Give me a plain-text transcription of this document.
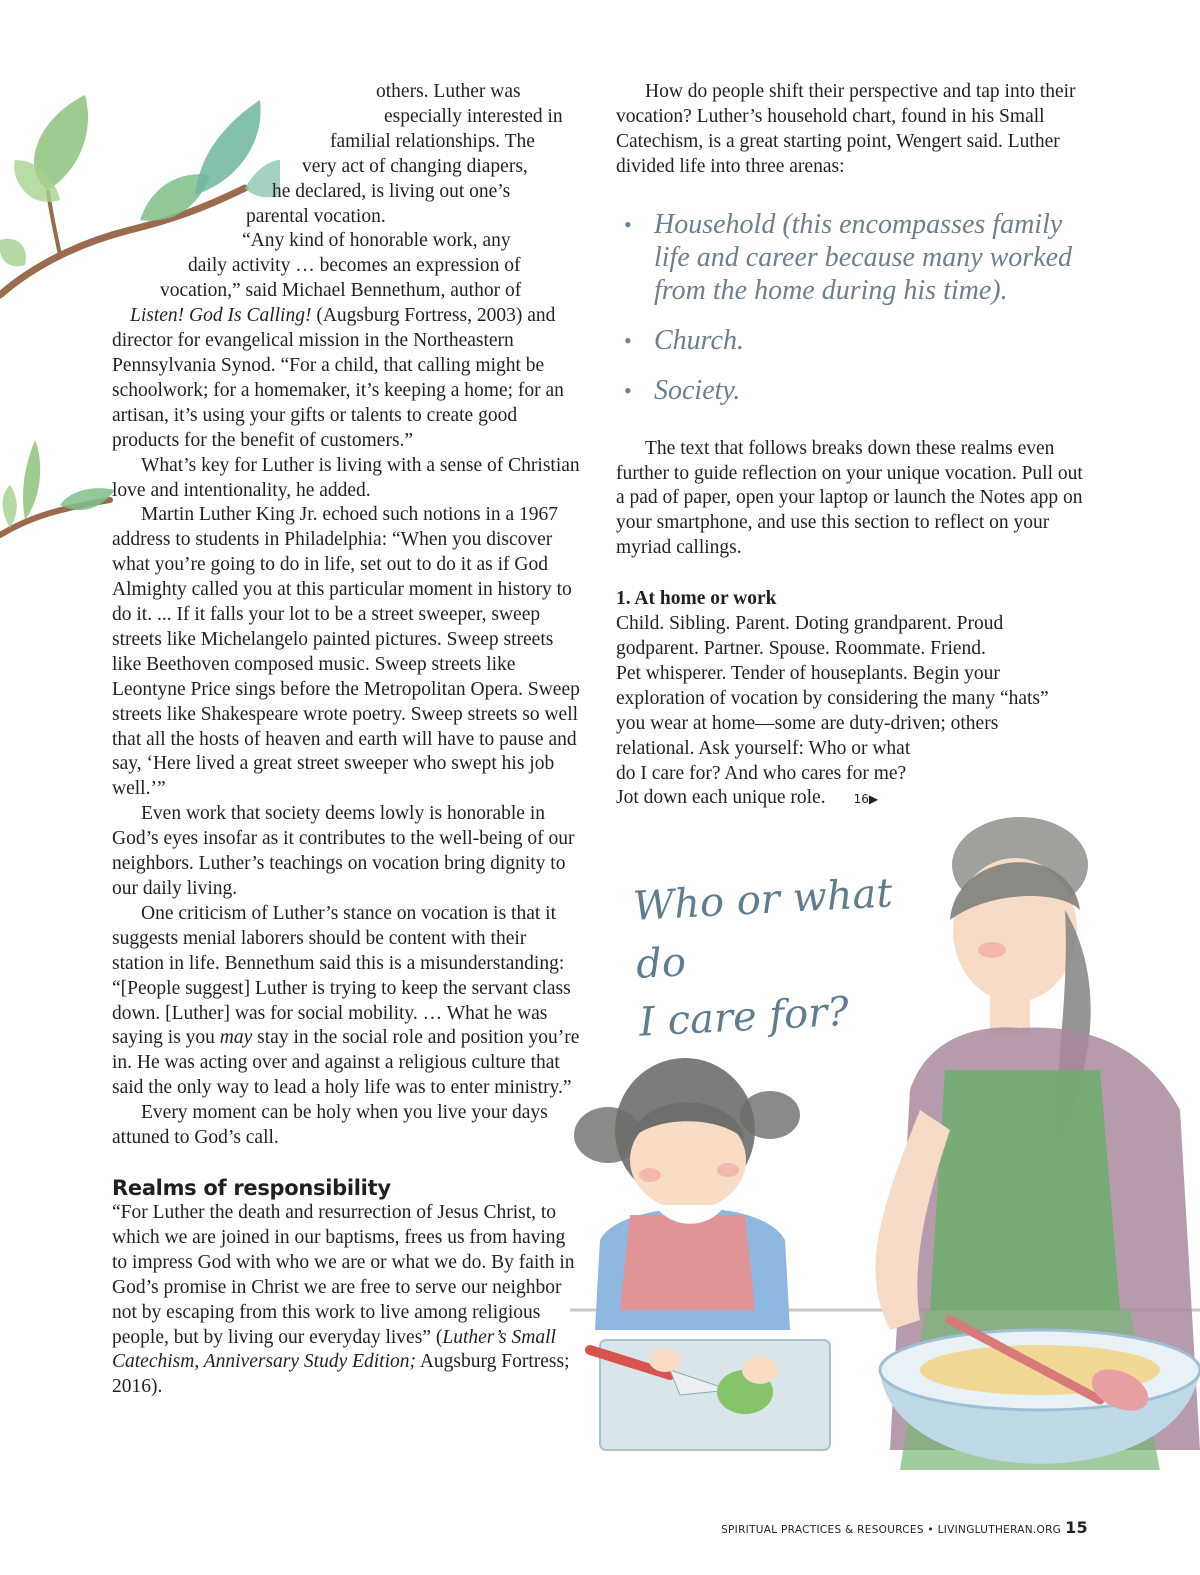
others. Luther was
especially interested in
familial relationships. The
very act of changing diapers,
he declared, is living out one’s
parental vocation.
“Any kind of honorable work, any
daily activity … becomes an expression of
vocation,” said Michael Bennethum, author of
Listen! God Is Calling! (Augsburg Fortress, 2003) and
director for evangelical mission in the Northeastern Pennsylvania Synod. “For a child, that calling might be schoolwork; for a homemaker, it’s keeping a home; for an artisan, it’s using your gifts or talents to create good products for the benefit of customers.”
What’s key for Luther is living with a sense of Christian love and intentionality, he added.
Martin Luther King Jr. echoed such notions in a 1967 address to students in Philadelphia: “When you discover what you’re going to do in life, set out to do it as if God Almighty called you at this particular moment in history to do it. ... If it falls your lot to be a street sweeper, sweep streets like Michelangelo painted pictures. Sweep streets like Beethoven composed music. Sweep streets like Leontyne Price sings before the Metropolitan Opera. Sweep streets like Shakespeare wrote poetry. Sweep streets so well that all the hosts of heaven and earth will have to pause and say, ‘Here lived a great street sweeper who swept his job well.’”
Even work that society deems lowly is honorable in God’s eyes insofar as it contributes to the well-being of our neighbors. Luther’s teachings on vocation bring dignity to our daily living.
One criticism of Luther’s stance on vocation is that it suggests menial laborers should be content with their station in life. Bennethum said this is a misunderstanding: “[People suggest] Luther is trying to keep the servant class down. [Luther] was for social mobility. … What he was saying is you may stay in the social role and position you’re in. He was acting over and against a religious culture that said the only way to lead a holy life was to enter ministry.”
Every moment can be holy when you live your days attuned to God’s call.
Realms of responsibility
“For Luther the death and resurrection of Jesus Christ, to which we are joined in our baptisms, frees us from having to impress God with who we are or what we do. By faith in God’s promise in Christ we are free to serve our neighbor not by escaping from this work to live among religious people, but by living our everyday lives” (Luther’s Small Catechism, Anniversary Study Edition; Augsburg Fortress; 2016).
How do people shift their perspective and tap into their vocation? Luther’s household chart, found in his Small Catechism, is a great starting point, Wengert said. Luther divided life into three arenas:
• Household (this encompasses family life and career because many worked from the home during his time).
• Church.
• Society.
The text that follows breaks down these realms even further to guide reflection on your unique vocation. Pull out a pad of paper, open your laptop or launch the Notes app on your smartphone, and use this section to reflect on your myriad callings.
1. At home or work
Child. Sibling. Parent. Doting grandparent. Proud
godparent. Partner. Spouse. Roommate. Friend.
Pet whisperer. Tender of houseplants. Begin your
exploration of vocation by considering the many “hats”
you wear at home—some are duty-driven; others
relational. Ask yourself: Who or what
do I care for? And who cares for me?
Jot down each unique role. 16▶
Who or what do
I care for?
SPIRITUAL PRACTICES & RESOURCES • LIVINGLUTHERAN.ORG 15
